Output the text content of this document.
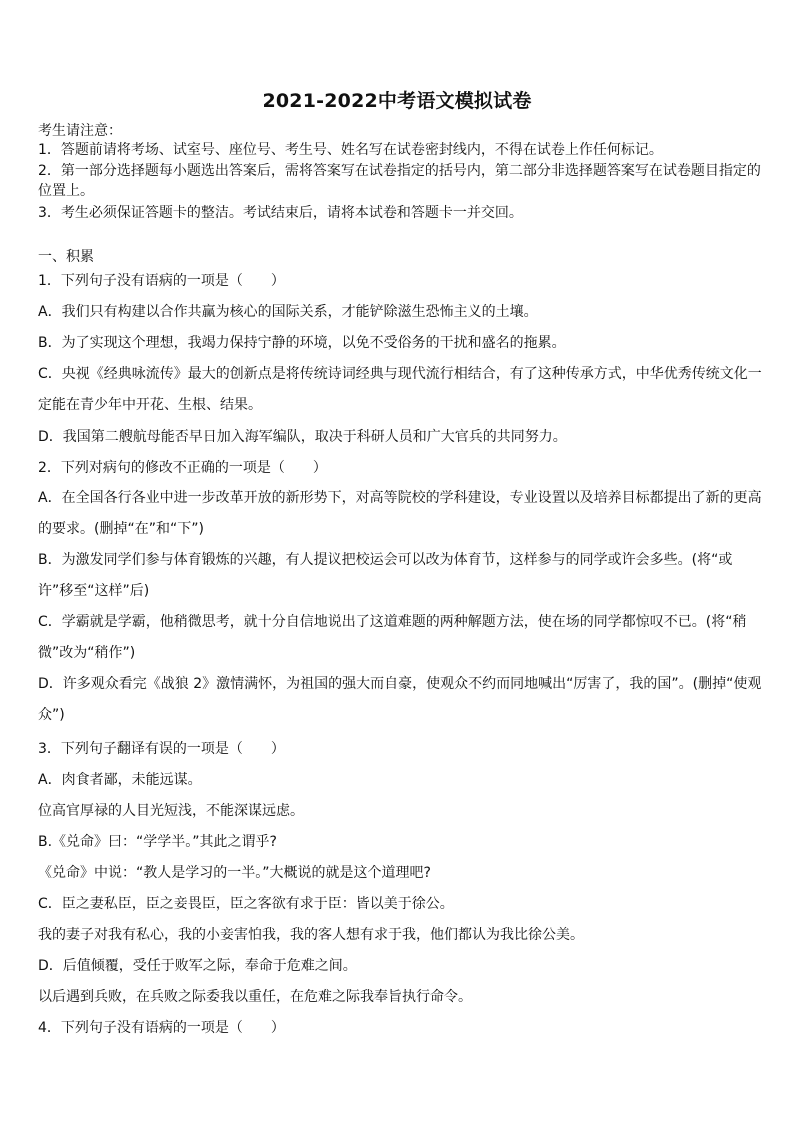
2021-2022中考语文模拟试卷
考生请注意：
1．答题前请将考场、试室号、座位号、考生号、姓名写在试卷密封线内，不得在试卷上作任何标记。
2．第一部分选择题每小题选出答案后，需将答案写在试卷指定的括号内，第二部分非选择题答案写在试卷题目指定的位置上。
3．考生必须保证答题卡的整洁。考试结束后，请将本试卷和答题卡一并交回。
一、积累
1．下列句子没有语病的一项是（　　）
A．我们只有构建以合作共赢为核心的国际关系，才能铲除滋生恐怖主义的土壤。
B．为了实现这个理想，我竭力保持宁静的环境，以免不受俗务的干扰和盛名的拖累。
C．央视《经典咏流传》最大的创新点是将传统诗词经典与现代流行相结合，有了这种传承方式，中华优秀传统文化一定能在青少年中开花、生根、结果。
D．我国第二艘航母能否早日加入海军编队，取决于科研人员和广大官兵的共同努力。
2．下列对病句的修改不正确的一项是（　　）
A．在全国各行各业中进一步改革开放的新形势下，对高等院校的学科建设，专业设置以及培养目标都提出了新的更高的要求。(删掉“在”和“下”)
B．为激发同学们参与体育锻炼的兴趣，有人提议把校运会可以改为体育节，这样参与的同学或许会多些。(将“或许”移至“这样”后)
C．学霸就是学霸，他稍微思考，就十分自信地说出了这道难题的两种解题方法，使在场的同学都惊叹不已。(将“稍微”改为“稍作”)
D．许多观众看完《战狼 2》激情满怀，为祖国的强大而自豪，使观众不约而同地喊出“厉害了，我的国”。(删掉“使观众”)
3．下列句子翻译有误的一项是（　　）
A．肉食者鄙，未能远谋。
位高官厚禄的人目光短浅，不能深谋远虑。
B.《兑命》曰：“学学半。”其此之谓乎?
《兑命》中说：“教人是学习的一半。”大概说的就是这个道理吧?
C．臣之妻私臣，臣之妾畏臣，臣之客欲有求于臣：皆以美于徐公。
我的妻子对我有私心，我的小妾害怕我，我的客人想有求于我，他们都认为我比徐公美。
D．后值倾覆，受任于败军之际，奉命于危难之间。
以后遇到兵败，在兵败之际委我以重任，在危难之际我奉旨执行命令。
4．下列句子没有语病的一项是（　　）
